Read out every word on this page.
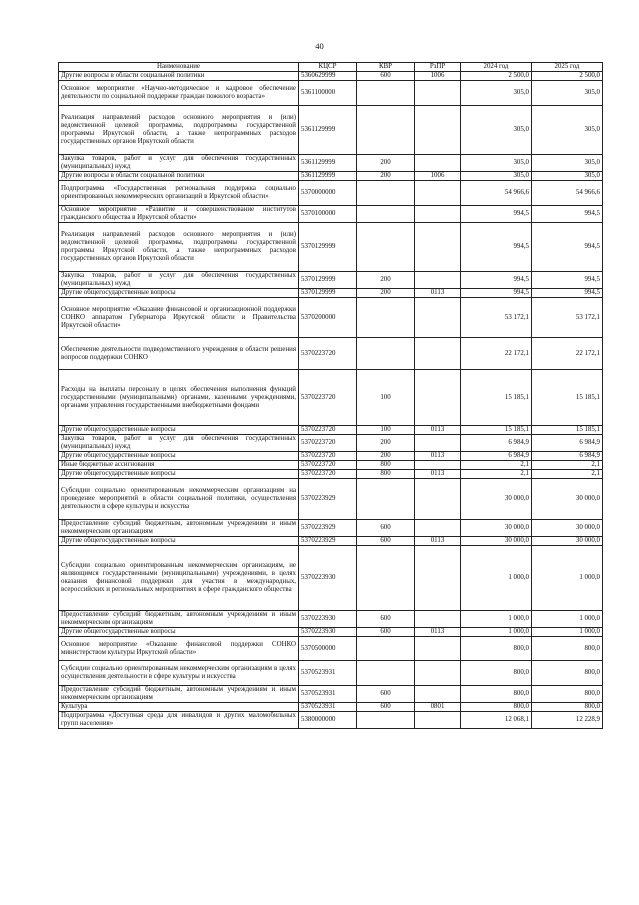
40
Наименование	КЦСР	КВР	РзПР	2024 год	2025 год
Другие вопросы в области социальной политики	5360629999	600	1006	2 500,0	2 500,0
Основное мероприятие «Научно-методическое и кадровое обеспечение деятельности по социальной поддержке граждан пожилого возраста»	5361100000			305,0	305,0
Реализация направлений расходов основного мероприятия и (или) ведомственной целевой программы, подпрограммы государственной программы Иркутской области, а также непрограммных расходов государственных органов Иркутской области	5361129999			305,0	305,0
Закупка товаров, работ и услуг для обеспечения государственных (муниципальных) нужд	5361129999	200		305,0	305,0
Другие вопросы в области социальной политики	5361129999	200	1006	305,0	305,0
Подпрограмма «Государственная региональная поддержка социально ориентированных некоммерческих организаций в Иркутской области»	5370000000			54 966,6	54 966,6
Основное мероприятие «Развитие и совершенствование институтов гражданского общества в Иркутской области»	5370100000			994,5	994,5
Реализация направлений расходов основного мероприятия и (или) ведомственной целевой программы, подпрограммы государственной программы Иркутской области, а также непрограммных расходов государственных органов Иркутской области	5370129999			994,5	994,5
Закупка товаров, работ и услуг для обеспечения государственных (муниципальных) нужд	5370129999	200		994,5	994,5
Другие общегосударственные вопросы	5370129999	200	0113	994,5	994,5
Основное мероприятие «Оказание финансовой и организационной поддержки СОНКО аппаратом Губернатора Иркутской области и Правительства Иркутской области»	5370200000			53 172,1	53 172,1
Обеспечение деятельности подведомственного учреждения в области решения вопросов поддержки СОНКО	5370223720			22 172,1	22 172,1
Расходы на выплаты персоналу в целях обеспечения выполнения функций государственными (муниципальными) органами, казенными учреждениями, органами управления государственными внебюджетными фондами	5370223720	100		15 185,1	15 185,1
Другие общегосударственные вопросы	5370223720	100	0113	15 185,1	15 185,1
Закупка товаров, работ и услуг для обеспечения государственных (муниципальных) нужд	5370223720	200		6 984,9	6 984,9
Другие общегосударственные вопросы	5370223720	200	0113	6 984,9	6 984,9
Иные бюджетные ассигнования	5370223720	800		2,1	2,1
Другие общегосударственные вопросы	5370223720	800	0113	2,1	2,1
Субсидии социально ориентированным некоммерческим организациям на проведение мероприятий в области социальной политики, осуществления деятельности в сфере культуры и искусства	5370223929			30 000,0	30 000,0
Предоставление субсидий бюджетным, автономным учреждениям и иным некоммерческим организациям	5370223929	600		30 000,0	30 000,0
Другие общегосударственные вопросы	5370223929	600	0113	30 000,0	30 000,0
Субсидии социально ориентированным некоммерческим организациям, не являющимся государственными (муниципальными) учреждениями, в целях оказания финансовой поддержки для участия в международных, всероссийских и региональных мероприятиях в сфере гражданского общества	5370223930			1 000,0	1 000,0
Предоставление субсидий бюджетным, автономным учреждениям и иным некоммерческим организациям	5370223930	600		1 000,0	1 000,0
Другие общегосударственные вопросы	5370223930	600	0113	1 000,0	1 000,0
Основное мероприятие «Оказание финансовой поддержки СОНКО министерством культуры Иркутской области»	5370500000			800,0	800,0
Субсидии социально ориентированным некоммерческим организациям в целях осуществления деятельности в сфере культуры и искусства	5370523931			800,0	800,0
Предоставление субсидий бюджетным, автономным учреждениям и иным некоммерческим организациям	5370523931	600		800,0	800,0
Культура	5370523931	600	0801	800,0	800,0
Подпрограмма «Доступная среда для инвалидов и других маломобильных групп населения»	5380000000			12 068,1	12 228,9
